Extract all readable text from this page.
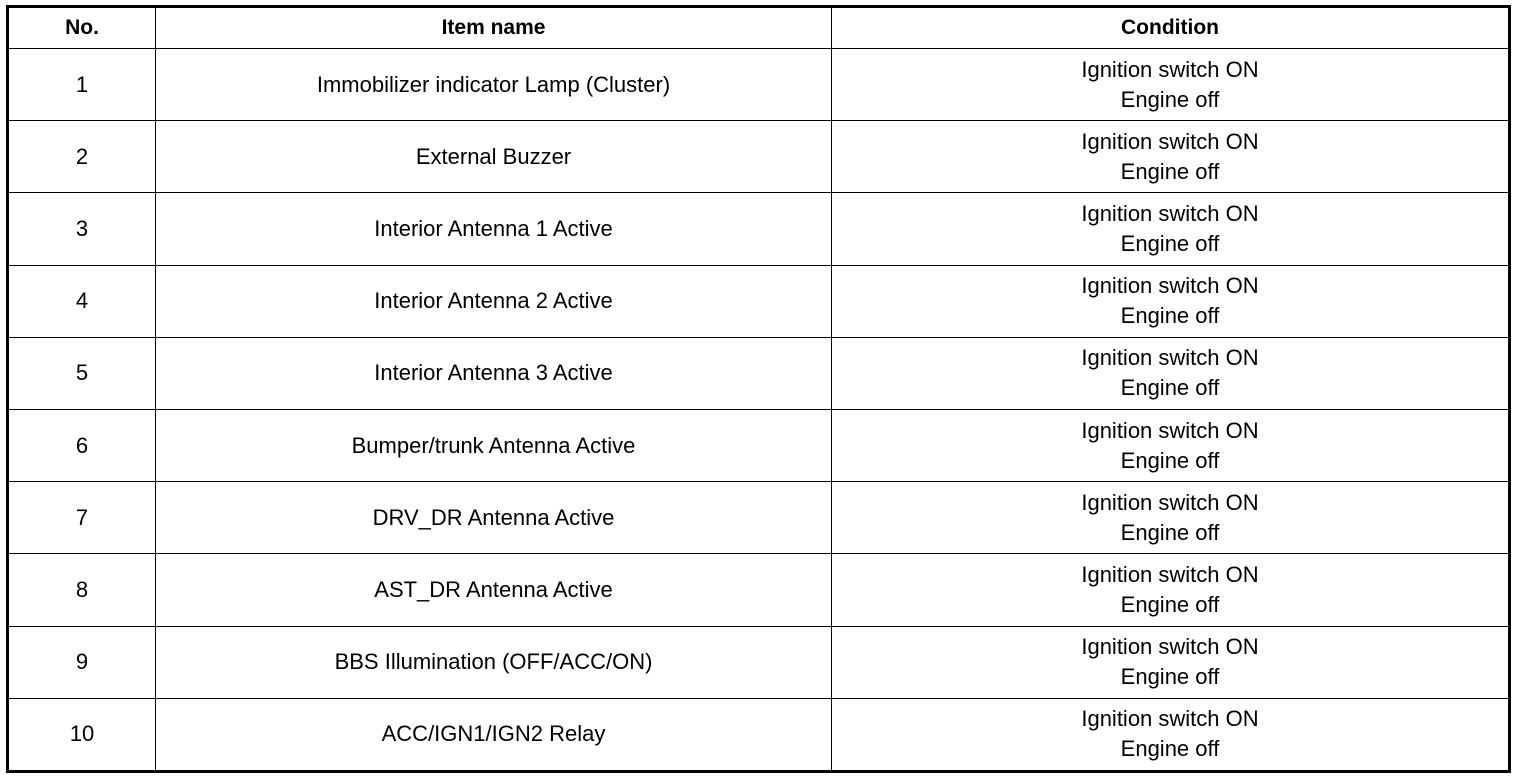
No.	Item name	Condition
1	Immobilizer indicator Lamp (Cluster)	Ignition switch ON
Engine off

2	External Buzzer	Ignition switch ON
Engine off

3	Interior Antenna 1 Active	Ignition switch ON
Engine off

4	Interior Antenna 2 Active	Ignition switch ON
Engine off

5	Interior Antenna 3 Active	Ignition switch ON
Engine off

6	Bumper/trunk Antenna Active	Ignition switch ON
Engine off

7	DRV_DR Antenna Active	Ignition switch ON
Engine off

8	AST_DR Antenna Active	Ignition switch ON
Engine off

9	BBS Illumination (OFF/ACC/ON)	Ignition switch ON
Engine off

10	ACC/IGN1/IGN2 Relay	Ignition switch ON
Engine off
